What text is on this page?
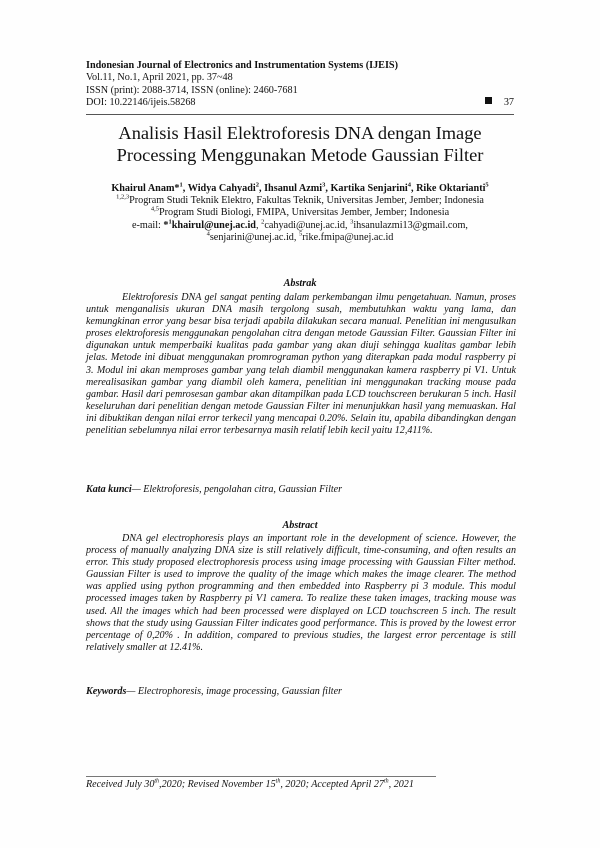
Indonesian Journal of Electronics and Instrumentation Systems (IJEIS)
Vol.11, No.1, April 2021, pp. 37~48
ISSN (print): 2088-3714, ISSN (online): 2460-7681
DOI: 10.22146/ijeis.58268	37
Analisis Hasil Elektroforesis DNA dengan Image
Processing Menggunakan Metode Gaussian Filter
Khairul Anam*$^1$, Widya Cahyadi$^2$, Ihsanul Azmi$^3$, Kartika Senjarini$^4$, Rike Oktarianti$^5$
$^{1,2,3}$Program Studi Teknik Elektro, Fakultas Teknik, Universitas Jember, Jember; Indonesia
$^{4,5}$Program Studi Biologi, FMIPA, Universitas Jember, Jember; Indonesia
e-mail: *$^1$khairul@unej.ac.id, $^2$cahyadi@unej.ac.id, $^3$ihsanulazmi13@gmail.com,
$^4$senjarini@unej.ac.id, $^5$rike.fmipa@unej.ac.id
Abstrak

Elektroforesis DNA gel sangat penting dalam perkembangan ilmu pengetahuan. Namun, proses untuk menganalisis ukuran DNA masih tergolong susah, membutuhkan waktu yang lama, dan kemungkinan error yang besar bisa terjadi apabila dilakukan secara manual. Penelitian ini mengusulkan proses elektroforesis menggunakan pengolahan citra dengan metode Gaussian Filter. Gaussian Filter ini digunakan untuk memperbaiki kualitas pada gambar yang akan diuji sehingga kualitas gambar lebih jelas. Metode ini dibuat menggunakan promrograman python yang diterapkan pada modul raspberry pi 3. Modul ini akan memproses gambar yang telah diambil menggunakan kamera raspberry pi V1. Untuk merealisasikan gambar yang diambil oleh kamera, penelitian ini menggunakan tracking mouse pada gambar. Hasil dari pemrosesan gambar akan ditampilkan pada LCD touchscreen berukuran 5 inch. Hasil keseluruhan dari penelitian dengan metode Gaussian Filter ini menunjukkan hasil yang memuaskan. Hal ini dibuktikan dengan nilai error terkecil yang mencapai 0.20%. Selain itu, apabila dibandingkan dengan penelitian sebelumnya nilai error terbesarnya masih relatif lebih kecil yaitu 12,411%.

Kata kunci— Elektroforesis, pengolahan citra, Gaussian Filter
Abstract

DNA gel electrophoresis plays an important role in the development of science. However, the process of manually analyzing DNA size is still relatively difficult, time-consuming, and often results an error. This study proposed electrophoresis process using image processing with Gaussian Filter method. Gaussian Filter is used to improve the quality of the image which makes the image clearer. The method was applied using python programming and then embedded into Raspberry pi 3 module. This modul processed images taken by Raspberry pi V1 camera. To realize these taken images, tracking mouse was used. All the images which had been processed were displayed on LCD touchscreen 5 inch. The result shows that the study using Gaussian Filter indicates good performance. This is proved by the lowest error percentage of 0,20% . In addition, compared to previous studies, the largest error percentage is still relatively smaller at 12.41%.

Keywords— Electrophoresis, image processing, Gaussian filter
Received July 30th,2020; Revised November 15th, 2020; Accepted April 27th, 2021
